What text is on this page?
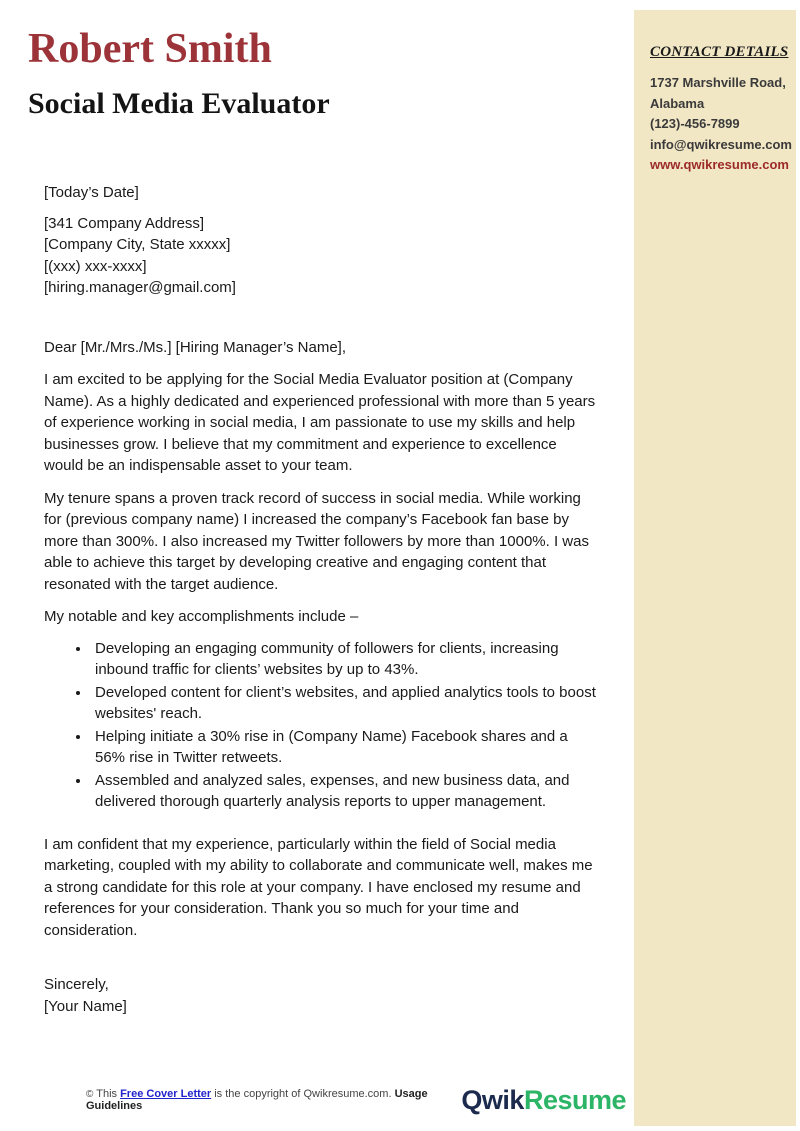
Robert Smith
Social Media Evaluator

[Today’s Date]

[341 Company Address]
[Company City, State xxxxx]
[(xxx) xxx-xxxx]
[hiring.manager@gmail.com]

Dear [Mr./Mrs./Ms.] [Hiring Manager’s Name],

I am excited to be applying for the Social Media Evaluator position at (Company Name). As a highly dedicated and experienced professional with more than 5 years of experience working in social media, I am passionate to use my skills and help businesses grow. I believe that my commitment and experience to excellence would be an indispensable asset to your team.

My tenure spans a proven track record of success in social media. While working for (previous company name) I increased the company’s Facebook fan base by more than 300%. I also increased my Twitter followers by more than 1000%. I was able to achieve this target by developing creative and engaging content that resonated with the target audience.

My notable and key accomplishments include –

• Developing an engaging community of followers for clients, increasing inbound traffic for clients’ websites by up to 43%.
• Developed content for client’s websites, and applied analytics tools to boost websites' reach.
• Helping initiate a 30% rise in (Company Name) Facebook shares and a 56% rise in Twitter retweets.
• Assembled and analyzed sales, expenses, and new business data, and delivered thorough quarterly analysis reports to upper management.

I am confident that my experience, particularly within the field of Social media marketing, coupled with my ability to collaborate and communicate well, makes me a strong candidate for this role at your company. I have enclosed my resume and references for your consideration. Thank you so much for your time and consideration.

Sincerely,
[Your Name]

CONTACT DETAILS
1737 Marshville Road,
Alabama
(123)-456-7899
info@qwikresume.com
www.qwikresume.com
© This Free Cover Letter is the copyright of Qwikresume.com. Usage Guidelines	QwikResume
